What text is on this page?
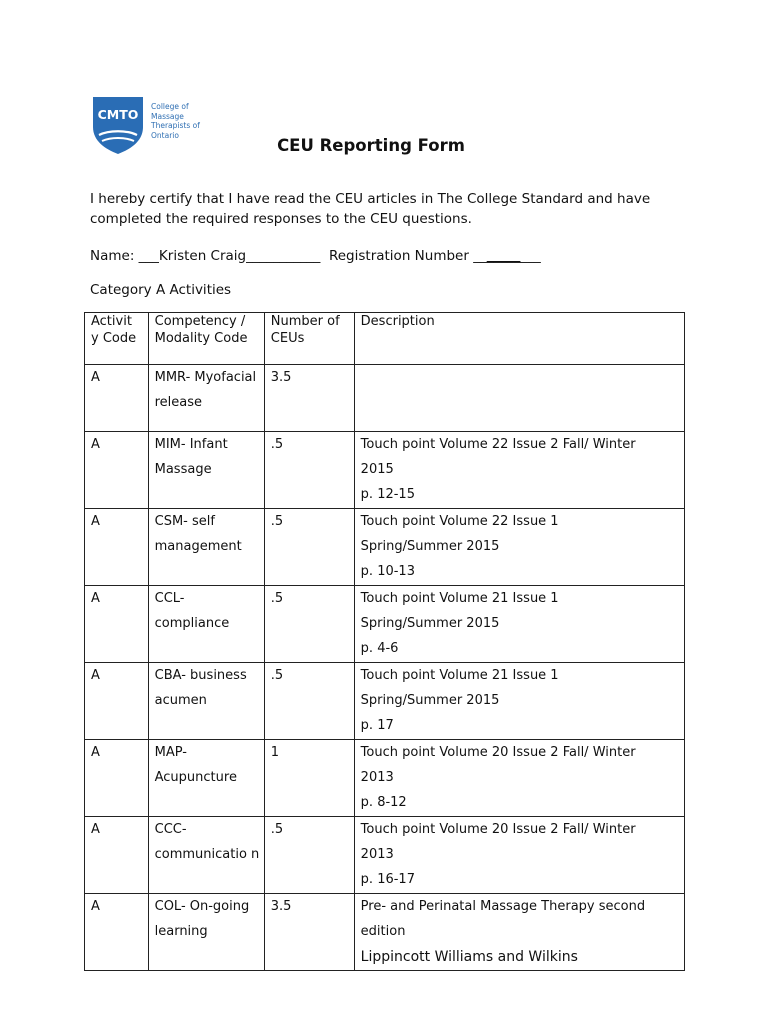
CMTO
College of
Massage
Therapists of
Ontario
CEU Reporting Form
I hereby certify that I have read the CEU articles in The College Standard and have completed the required responses to the CEU questions.
Name: ___Kristen Craig___________ Registration Number __________
Category A Activities
Activit y Code	Competency / Modality Code	Number of CEUs	Description
A	MMR- Myofacial release	3.5	

A	MIM- Infant Massage	.5	Touch point Volume 22 Issue 2 Fall/ Winter
2015
p. 12-15

A	CSM- self management	.5	Touch point Volume 22 Issue 1
Spring/Summer 2015
p. 10-13

A	CCL- compliance	.5	Touch point Volume 21 Issue 1
Spring/Summer 2015
p. 4-6

A	CBA- business acumen	.5	Touch point Volume 21 Issue 1
Spring/Summer 2015
p. 17

A	MAP- Acupuncture	1	Touch point Volume 20 Issue 2 Fall/ Winter
2013
p. 8-12

A	CCC- communicatio n	.5	Touch point Volume 20 Issue 2 Fall/ Winter
2013
p. 16-17

A	COL- On-going learning	3.5	Pre- and Perinatal Massage Therapy second
edition
Lippincott Williams and Wilkins
